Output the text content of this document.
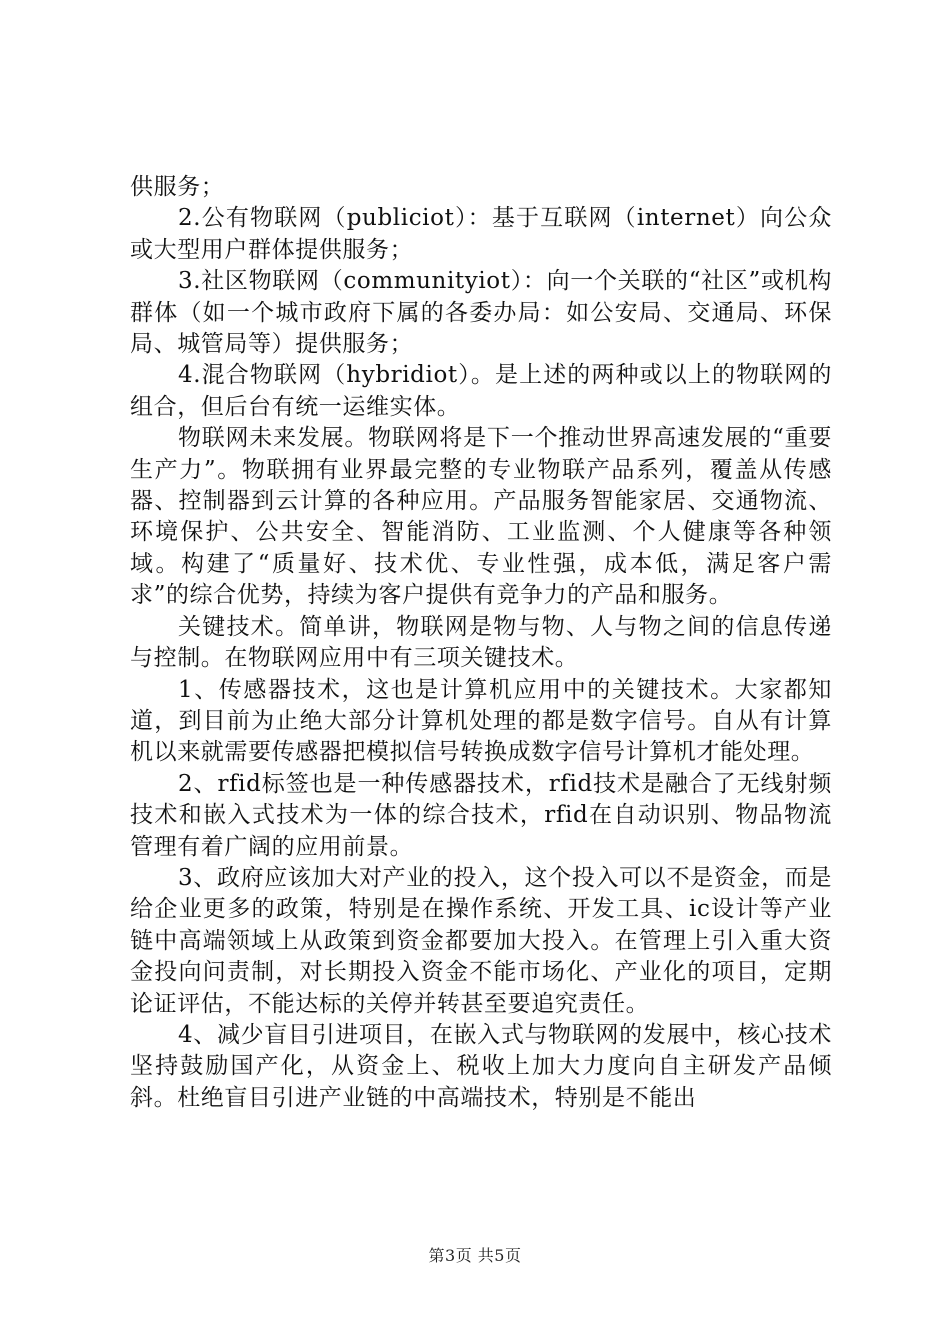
供服务；

2.公有物联网（publiciot）：基于互联网（internet）向公众或大型用户群体提供服务；

3.社区物联网（communityiot）：向一个关联的“社区”或机构群体（如一个城市政府下属的各委办局：如公安局、交通局、环保局、城管局等）提供服务；

4.混合物联网（hybridiot）。是上述的两种或以上的物联网的组合，但后台有统一运维实体。

物联网未来发展。物联网将是下一个推动世界高速发展的“重要生产力”。物联拥有业界最完整的专业物联产品系列，覆盖从传感器、控制器到云计算的各种应用。产品服务智能家居、交通物流、环境保护、公共安全、智能消防、工业监测、个人健康等各种领域。构建了“质量好、技术优、专业性强，成本低，满足客户需求”的综合优势，持续为客户提供有竞争力的产品和服务。

关键技术。简单讲，物联网是物与物、人与物之间的信息传递与控制。在物联网应用中有三项关键技术。

1、传感器技术，这也是计算机应用中的关键技术。大家都知道，到目前为止绝大部分计算机处理的都是数字信号。自从有计算机以来就需要传感器把模拟信号转换成数字信号计算机才能处理。

2、rfid标签也是一种传感器技术，rfid技术是融合了无线射频技术和嵌入式技术为一体的综合技术，rfid在自动识别、物品物流管理有着广阔的应用前景。

3、政府应该加大对产业的投入，这个投入可以不是资金，而是给企业更多的政策，特别是在操作系统、开发工具、ic设计等产业链中高端领域上从政策到资金都要加大投入。在管理上引入重大资金投向问责制，对长期投入资金不能市场化、产业化的项目，定期论证评估，不能达标的关停并转甚至要追究责任。

4、减少盲目引进项目，在嵌入式与物联网的发展中，核心技术坚持鼓励国产化，从资金上、税收上加大力度向自主研发产品倾斜。杜绝盲目引进产业链的中高端技术，特别是不能出

第3页 共5页
